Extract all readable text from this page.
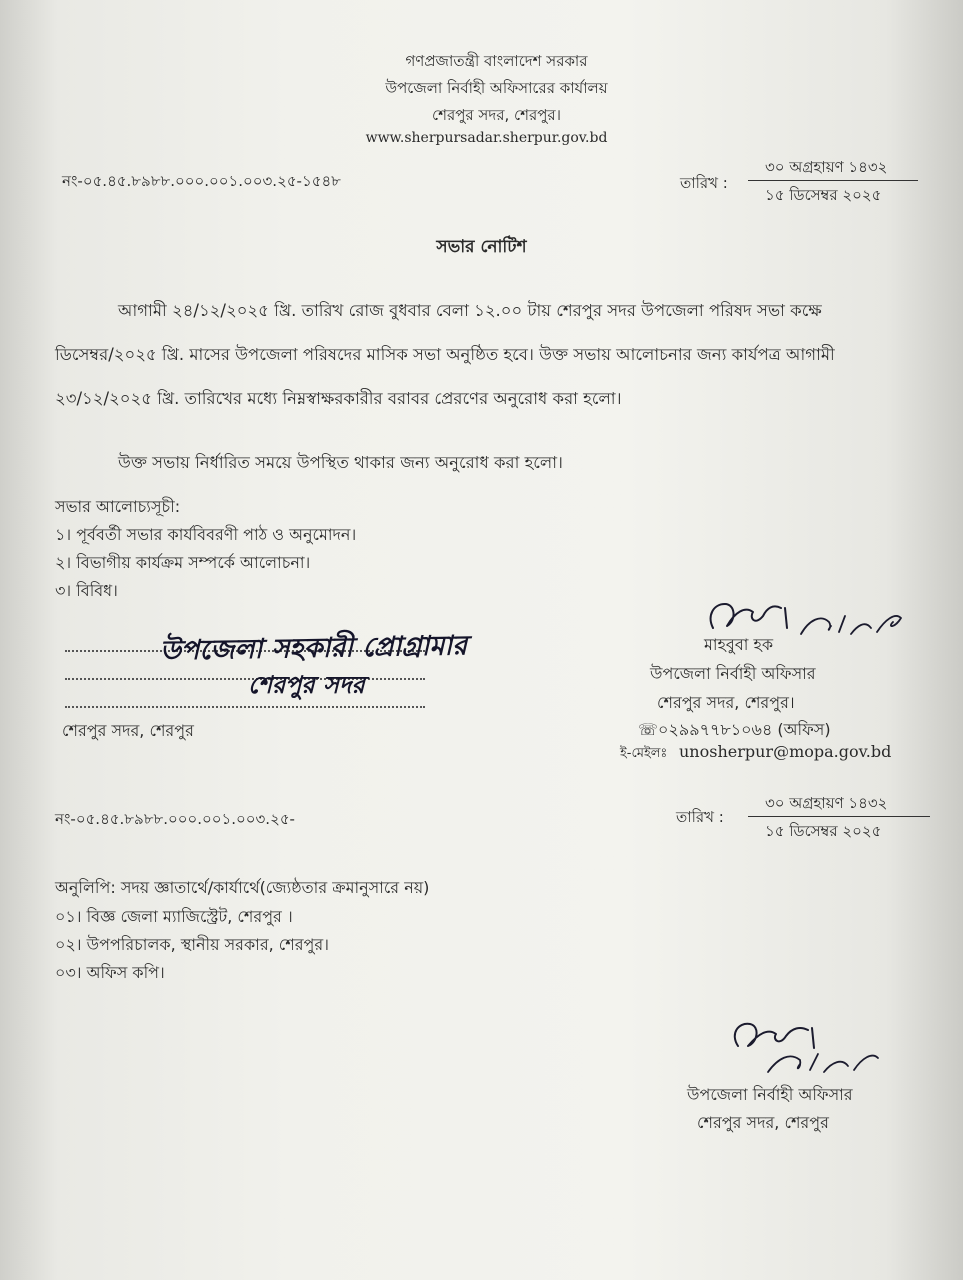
গণপ্রজাতন্ত্রী বাংলাদেশ সরকার
উপজেলা নির্বাহী অফিসারের কার্যালয়
শেরপুর সদর, শেরপুর।
www.sherpursadar.sherpur.gov.bd
নং-০৫.৪৫.৮৯৮৮.০০০.০০১.০০৩.২৫-১৫৪৮	তারিখ :
৩০ অগ্রহায়ণ ১৪৩২
১৫ ডিসেম্বর ২০২৫
সভার নোটিশ
আগামী ২৪/১২/২০২৫ খ্রি. তারিখ রোজ বুধবার বেলা ১২.০০ টায় শেরপুর সদর উপজেলা পরিষদ সভা কক্ষে
ডিসেম্বর/২০২৫ খ্রি. মাসের উপজেলা পরিষদের মাসিক সভা অনুষ্ঠিত হবে। উক্ত সভায় আলোচনার জন্য কার্যপত্র আগামী
২৩/১২/২০২৫ খ্রি. তারিখের মধ্যে নিম্নস্বাক্ষরকারীর বরাবর প্রেরণের অনুরোধ করা হলো।
উক্ত সভায় নির্ধারিত সময়ে উপস্থিত থাকার জন্য অনুরোধ করা হলো।
সভার আলোচ্যসূচী:
১। পূর্ববর্তী সভার কার্যবিবরণী পাঠ ও অনুমোদন।
২। বিভাগীয় কার্যক্রম সম্পর্কে আলোচনা।
৩। বিবিধ।
উপজেলা সহকারী প্রোগ্রামার
শেরপুর সদর
শেরপুর সদর, শেরপুর
মাহবুবা হক
উপজেলা নির্বাহী অফিসার
শেরপুর সদর, শেরপুর।
☏০২৯৯৭৭৮১০৬৪ (অফিস)
ই-মেইলঃ unosherpur@mopa.gov.bd
নং-০৫.৪৫.৮৯৮৮.০০০.০০১.০০৩.২৫-	তারিখ :
৩০ অগ্রহায়ণ ১৪৩২
১৫ ডিসেম্বর ২০২৫
অনুলিপি: সদয় জ্ঞাতার্থে/কার্যার্থে(জ্যেষ্ঠতার ক্রমানুসারে নয়)
০১। বিজ্ঞ জেলা ম্যাজিস্ট্রেট, শেরপুর ।
০২। উপপরিচালক, স্থানীয় সরকার, শেরপুর।
০৩। অফিস কপি।
উপজেলা নির্বাহী অফিসার
শেরপুর সদর, শেরপুর
